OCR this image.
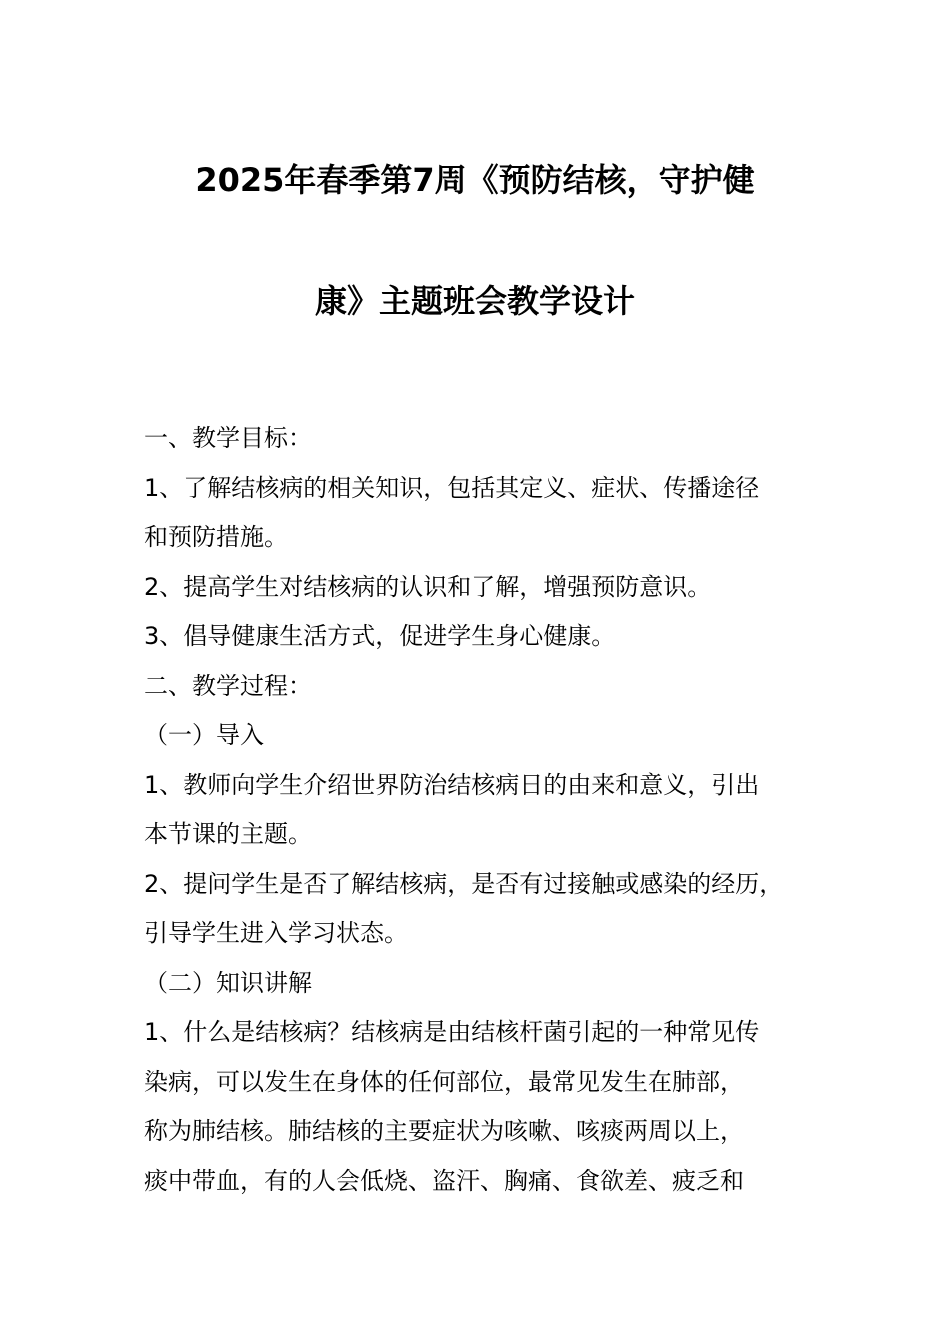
2025年春季第7周《预防结核，守护健
康》主题班会教学设计
一、教学目标：
1、了解结核病的相关知识，包括其定义、症状、传播途径
和预防措施。
2、提高学生对结核病的认识和了解，增强预防意识。
3、倡导健康生活方式，促进学生身心健康。
二、教学过程：
（一）导入
1、教师向学生介绍世界防治结核病日的由来和意义，引出
本节课的主题。
2、提问学生是否了解结核病，是否有过接触或感染的经历，
引导学生进入学习状态。
（二）知识讲解
1、什么是结核病？结核病是由结核杆菌引起的一种常见传
染病，可以发生在身体的任何部位，最常见发生在肺部，
称为肺结核。肺结核的主要症状为咳嗽、咳痰两周以上，
痰中带血，有的人会低烧、盗汗、胸痛、食欲差、疲乏和
